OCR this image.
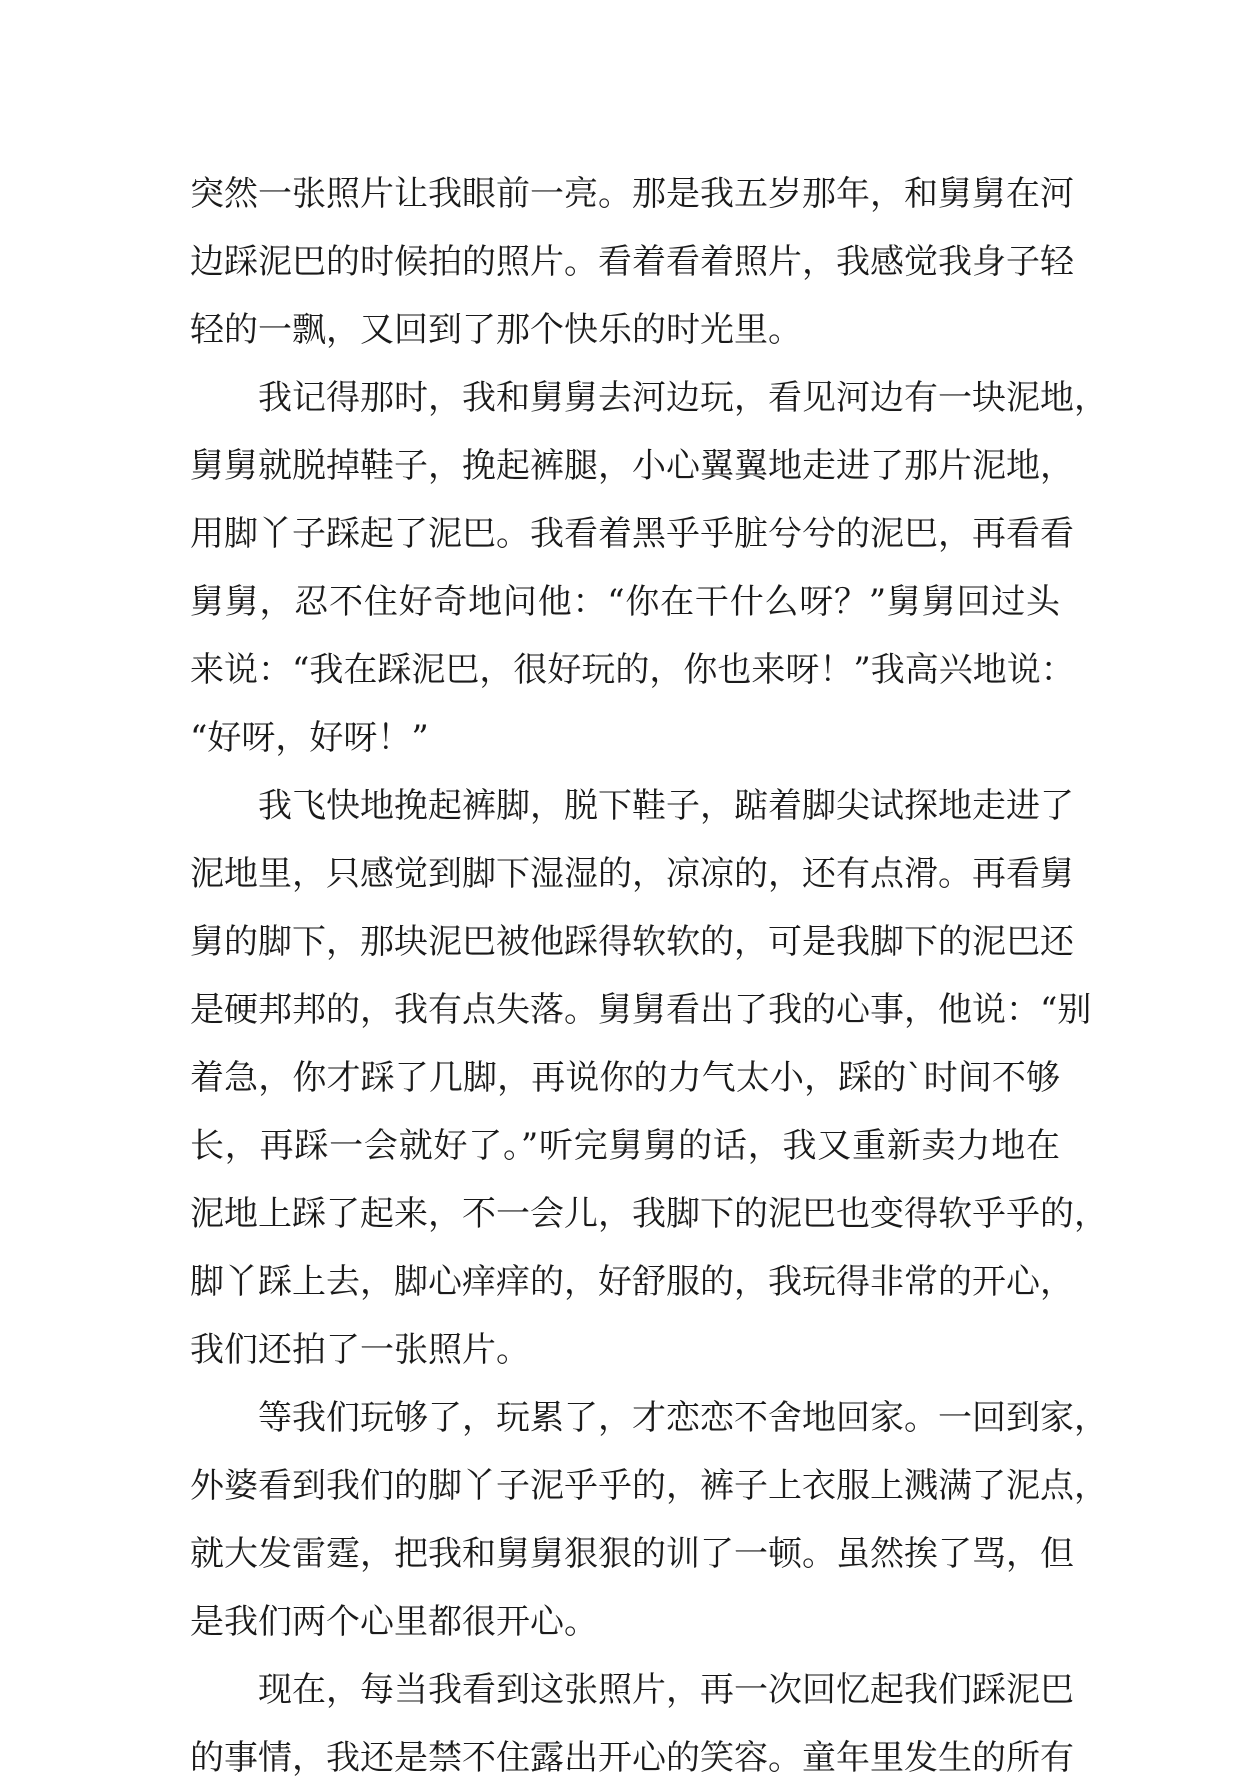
突然一张照片让我眼前一亮。那是我五岁那年，和舅舅在河
边踩泥巴的时候拍的照片。看着看着照片，我感觉我身子轻
轻的一飘，又回到了那个快乐的时光里。
　　我记得那时，我和舅舅去河边玩，看见河边有一块泥地，
舅舅就脱掉鞋子，挽起裤腿，小心翼翼地走进了那片泥地，
用脚丫子踩起了泥巴。我看着黑乎乎脏兮兮的泥巴，再看看
舅舅，忍不住好奇地问他：“你在干什么呀？”舅舅回过头
来说：“我在踩泥巴，很好玩的，你也来呀！”我高兴地说：
“好呀，好呀！”
　　我飞快地挽起裤脚，脱下鞋子，踮着脚尖试探地走进了
泥地里，只感觉到脚下湿湿的，凉凉的，还有点滑。再看舅
舅的脚下，那块泥巴被他踩得软软的，可是我脚下的泥巴还
是硬邦邦的，我有点失落。舅舅看出了我的心事，他说：“别
着急，你才踩了几脚，再说你的力气太小，踩的`时间不够
长，再踩一会就好了。”听完舅舅的话，我又重新卖力地在
泥地上踩了起来，不一会儿，我脚下的泥巴也变得软乎乎的，
脚丫踩上去，脚心痒痒的，好舒服的，我玩得非常的开心，
我们还拍了一张照片。
　　等我们玩够了，玩累了，才恋恋不舍地回家。一回到家，
外婆看到我们的脚丫子泥乎乎的，裤子上衣服上溅满了泥点，
就大发雷霆，把我和舅舅狠狠的训了一顿。虽然挨了骂，但
是我们两个心里都很开心。
　　现在，每当我看到这张照片，再一次回忆起我们踩泥巴
的事情，我还是禁不住露出开心的笑容。童年里发生的所有
